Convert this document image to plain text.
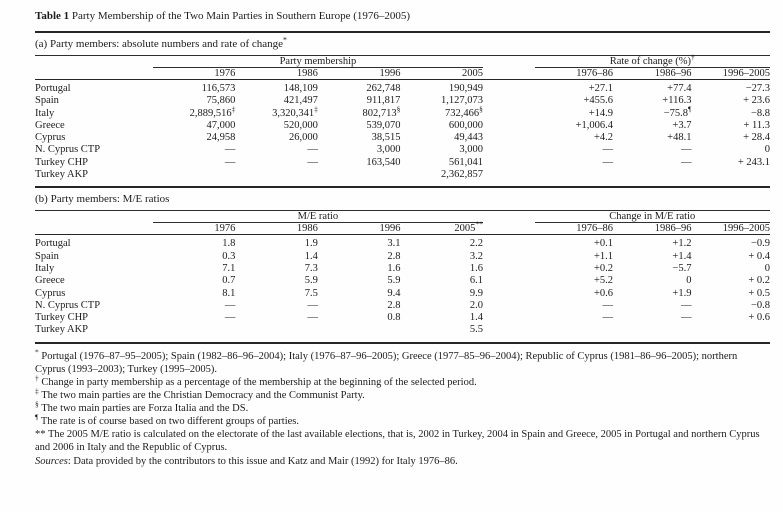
Table 1 Party Membership of the Two Main Parties in Southern Europe (1976–2005)

(a) Party members: absolute numbers and rate of change*

	Party membership					Rate of change (%)†
	1976	1986	1996	2005		1976–86	1986–96	1996–2005
Portugal	116,573	148,109	262,748	190,949		+27.1	+77.4	−27.3
Spain	75,860	421,497	911,817	1,127,073		+455.6	+116.3	+ 23.6
Italy	2,889,516‡	3,320,341‡	802,713§	732,466§		+14.9	−75.8¶	−8.8
Greece	47,000	520,000	539,070	600,000		+1,006.4	+3.7	+ 11.3
Cyprus	24,958	26,000	38,515	49,443		+4.2	+48.1	+ 28.4
N. Cyprus CTP	—	—	3,000	3,000		—	—	0
Turkey CHP	—	—	163,540	561,041		—	—	+ 243.1
Turkey AKP				2,362,857				

(b) Party members: M/E ratios

	M/E ratio					Change in M/E ratio		
	1976	1986	1996	2005**		1976–86	1986–96	1996–2005
Portugal	1.8	1.9	3.1	2.2		+0.1	+1.2	−0.9
Spain	0.3	1.4	2.8	3.2		+1.1	+1.4	+ 0.4
Italy	7.1	7.3	1.6	1.6		+0.2	−5.7	0
Greece	0.7	5.9	5.9	6.1		+5.2	0	+ 0.2
Cyprus	8.1	7.5	9.4	9.9		+0.6	+1.9	+ 0.5
N. Cyprus CTP	—	—	2.8	2.0		—	—	−0.8
Turkey CHP	—	—	0.8	1.4		—	—	+ 0.6
Turkey AKP				5.5				

* Portugal (1976–87–95–2005); Spain (1982–86–96–2004); Italy (1976–87–96–2005); Greece (1977–85–96–2004); Republic of Cyprus (1981–86–96–2005); northern Cyprus (1993–2003); Turkey (1995–2005).

† Change in party membership as a percentage of the membership at the beginning of the selected period.

‡ The two main parties are the Christian Democracy and the Communist Party.

§ The two main parties are Forza Italia and the DS.

¶ The rate is of course based on two different groups of parties.

** The 2005 M/E ratio is calculated on the electorate of the last available elections, that is, 2002 in Turkey, 2004 in Spain and Greece, 2005 in Portugal and northern Cyprus and 2006 in Italy and the Republic of Cyprus.

Sources: Data provided by the contributors to this issue and Katz and Mair (1992) for Italy 1976–86.
